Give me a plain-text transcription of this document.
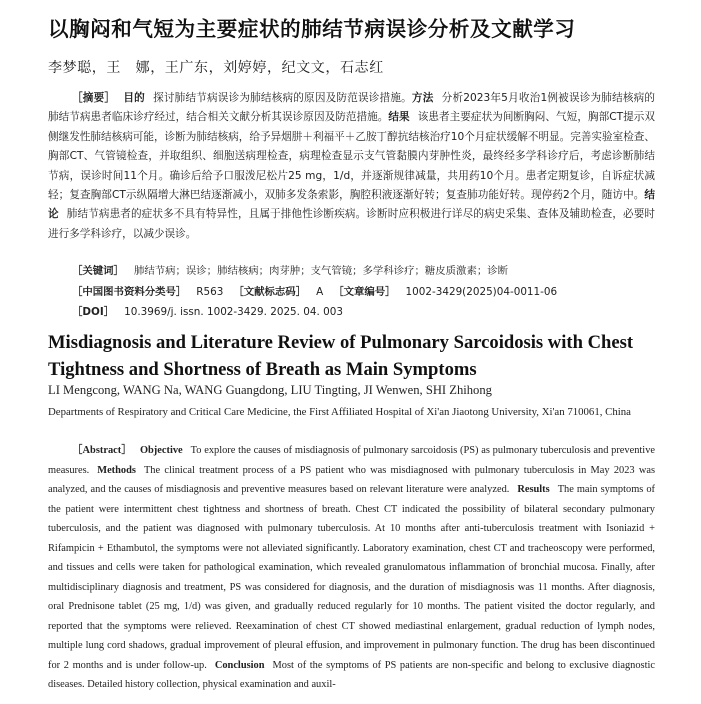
以胸闷和气短为主要症状的肺结节病误诊分析及文献学习
李梦聪，王　娜，王广东，刘婷婷，纪文文，石志红

［摘要］ 目的 探讨肺结节病误诊为肺结核病的原因及防范误诊措施。方法 分析2023年5月收治1例被误诊为肺结核病的肺结节病患者临床诊疗经过，结合相关文献分析其误诊原因及防范措施。结果 该患者主要症状为间断胸闷、气短，胸部CT提示双侧继发性肺结核病可能，诊断为肺结核病，给予异烟肼＋利福平＋乙胺丁醇抗结核治疗10个月症状缓解不明显。完善实验室检查、胸部CT、气管镜检查，并取组织、细胞送病理检查，病理检查显示支气管黏膜内芽肿性炎，最终经多学科诊疗后，考虑诊断肺结节病，误诊时间11个月。确诊后给予口服泼尼松片25 mg，1/d，并逐渐规律减量，共用药10个月。患者定期复诊，自诉症状减轻；复查胸部CT示纵隔增大淋巴结逐渐减小，双肺多发条索影，胸腔积液逐渐好转；复查肺功能好转。现停药2个月，随访中。结论 肺结节病患者的症状多不具有特异性，且属于排他性诊断疾病。诊断时应积极进行详尽的病史采集、查体及辅助检查，必要时进行多学科诊疗，以减少误诊。

［关键词］ 肺结节病；误诊；肺结核病；肉芽肿；支气管镜；多学科诊疗；糖皮质激素；诊断
［中国图书资料分类号］ R563 ［文献标志码］ A ［文章编号］ 1002-3429(2025)04-0011-06
［DOI］ 10.3969/j. issn. 1002-3429. 2025. 04. 003
Misdiagnosis and Literature Review of Pulmonary Sarcoidosis with Chest Tightness and Shortness of Breath as Main Symptoms
LI Mengcong, WANG Na, WANG Guangdong, LIU Tingting, JI Wenwen, SHI Zhihong

Departments of Respiratory and Critical Care Medicine, the First Affiliated Hospital of Xi'an Jiaotong University, Xi'an 710061, China

［Abstract］ Objective To explore the causes of misdiagnosis of pulmonary sarcoidosis (PS) as pulmonary tuberculosis and preventive measures. Methods The clinical treatment process of a PS patient who was misdiagnosed with pulmonary tuberculosis in May 2023 was analyzed, and the causes of misdiagnosis and preventive measures based on relevant literature were analyzed. Results The main symptoms of the patient were intermittent chest tightness and shortness of breath. Chest CT indicated the possibility of bilateral secondary pulmonary tuberculosis, and the patient was diagnosed with pulmonary tuberculosis. At 10 months after anti-tuberculosis treatment with Isoniazid + Rifampicin + Ethambutol, the symptoms were not alleviated significantly. Laboratory examination, chest CT and tracheoscopy were performed, and tissues and cells were taken for pathological examination, which revealed granulomatous inflammation of bronchial mucosa. Finally, after multidisciplinary diagnosis and treatment, PS was considered for diagnosis, and the duration of misdiagnosis was 11 months. After diagnosis, oral Prednisone tablet (25 mg, 1/d) was given, and gradually reduced regularly for 10 months. The patient visited the doctor regularly, and reported that the symptoms were relieved. Reexamination of chest CT showed mediastinal enlargement, gradual reduction of lymph nodes, multiple lung cord shadows, gradual improvement of pleural effusion, and improvement in pulmonary function. The drug has been discontinued for 2 months and is under follow-up. Conclusion Most of the symptoms of PS patients are non-specific and belong to exclusive diagnostic diseases. Detailed history collection, physical examination and auxil-
